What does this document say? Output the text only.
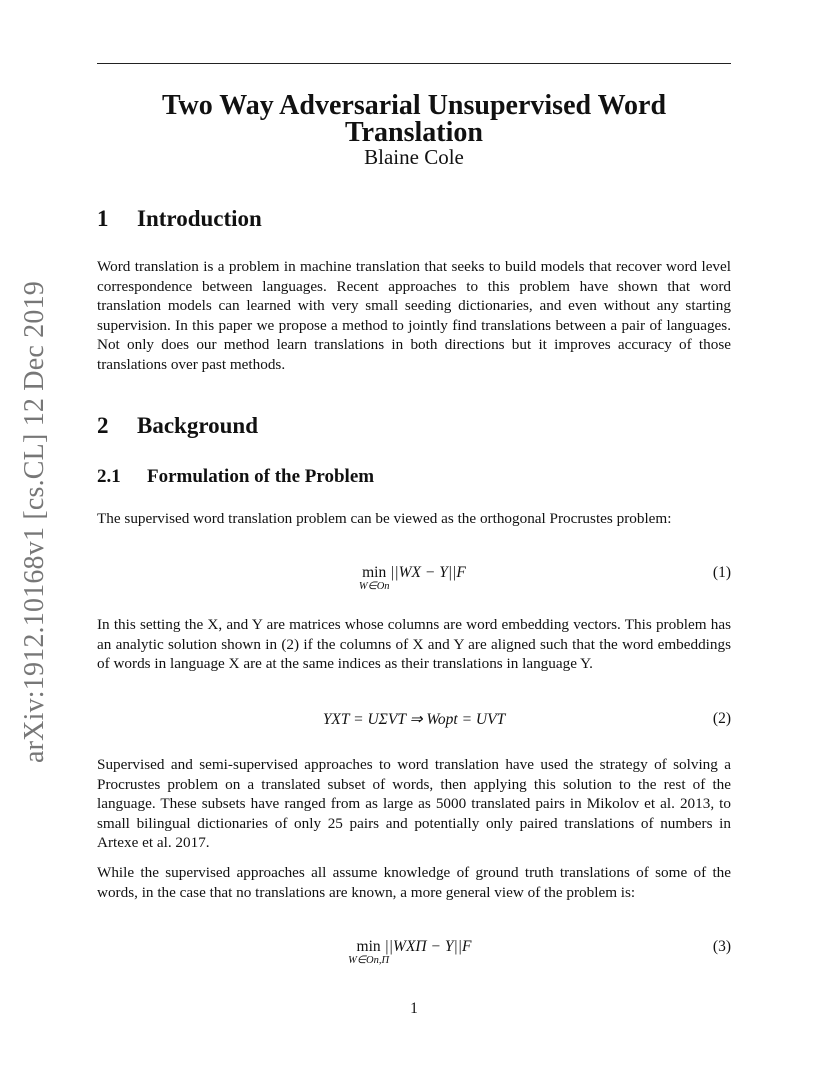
arXiv:1912.10168v1 [cs.CL] 12 Dec 2019
Two Way Adversarial Unsupervised Word Translation
Blaine Cole
1 Introduction

Word translation is a problem in machine translation that seeks to build models that recover word level correspondence between languages. Recent approaches to this problem have shown that word translation models can learned with very small seeding dictionaries, and even without any starting supervision. In this paper we propose a method to jointly find translations between a pair of languages. Not only does our method learn translations in both directions but it improves accuracy of those translations over past methods.

2 Background
2.1 Formulation of the Problem

The supervised word translation problem can be viewed as the orthogonal Procrustes problem:

min
W∈On
||WX − Y||F	(1)

In this setting the X, and Y are matrices whose columns are word embedding vectors. This problem has an analytic solution shown in (2) if the columns of X and Y are aligned such that the word embeddings of words in language X are at the same indices as their translations in language Y.

YXT = UΣVT ⇒ Wopt = UVT	(2)

Supervised and semi-supervised approaches to word translation have used the strategy of solving a Procrustes problem on a translated subset of words, then applying this solution to the rest of the language. These subsets have ranged from as large as 5000 translated pairs in Mikolov et al. 2013, to small bilingual dictionaries of only 25 pairs and potentially only paired translations of numbers in Artexe et al. 2017.

While the supervised approaches all assume knowledge of ground truth translations of some of the words, in the case that no translations are known, a more general view of the problem is:

min
W∈On,Π
||WXΠ − Y||F	(3)
1
